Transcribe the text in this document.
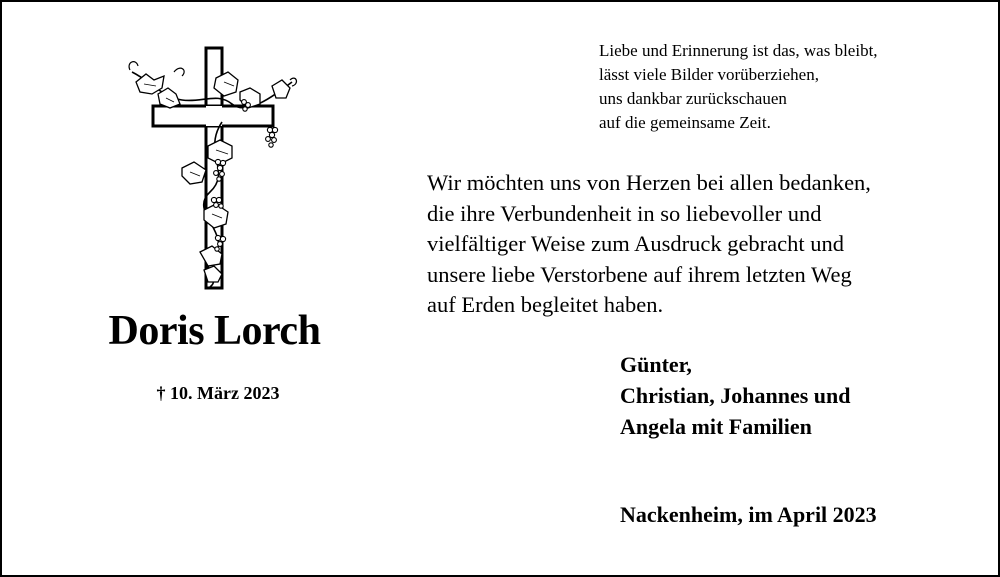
Doris Lorch
† 10. März 2023
Liebe und Erinnerung ist das, was bleibt,
lässt viele Bilder vorüberziehen,
uns dankbar zurückschauen
auf die gemeinsame Zeit.
Wir möchten uns von Herzen bei allen bedanken,
die ihre Verbundenheit in so liebevoller und
vielfältiger Weise zum Ausdruck gebracht und
unsere liebe Verstorbene auf ihrem letzten Weg
auf Erden begleitet haben.
Günter,
Christian, Johannes und
Angela mit Familien
Nackenheim, im April 2023
